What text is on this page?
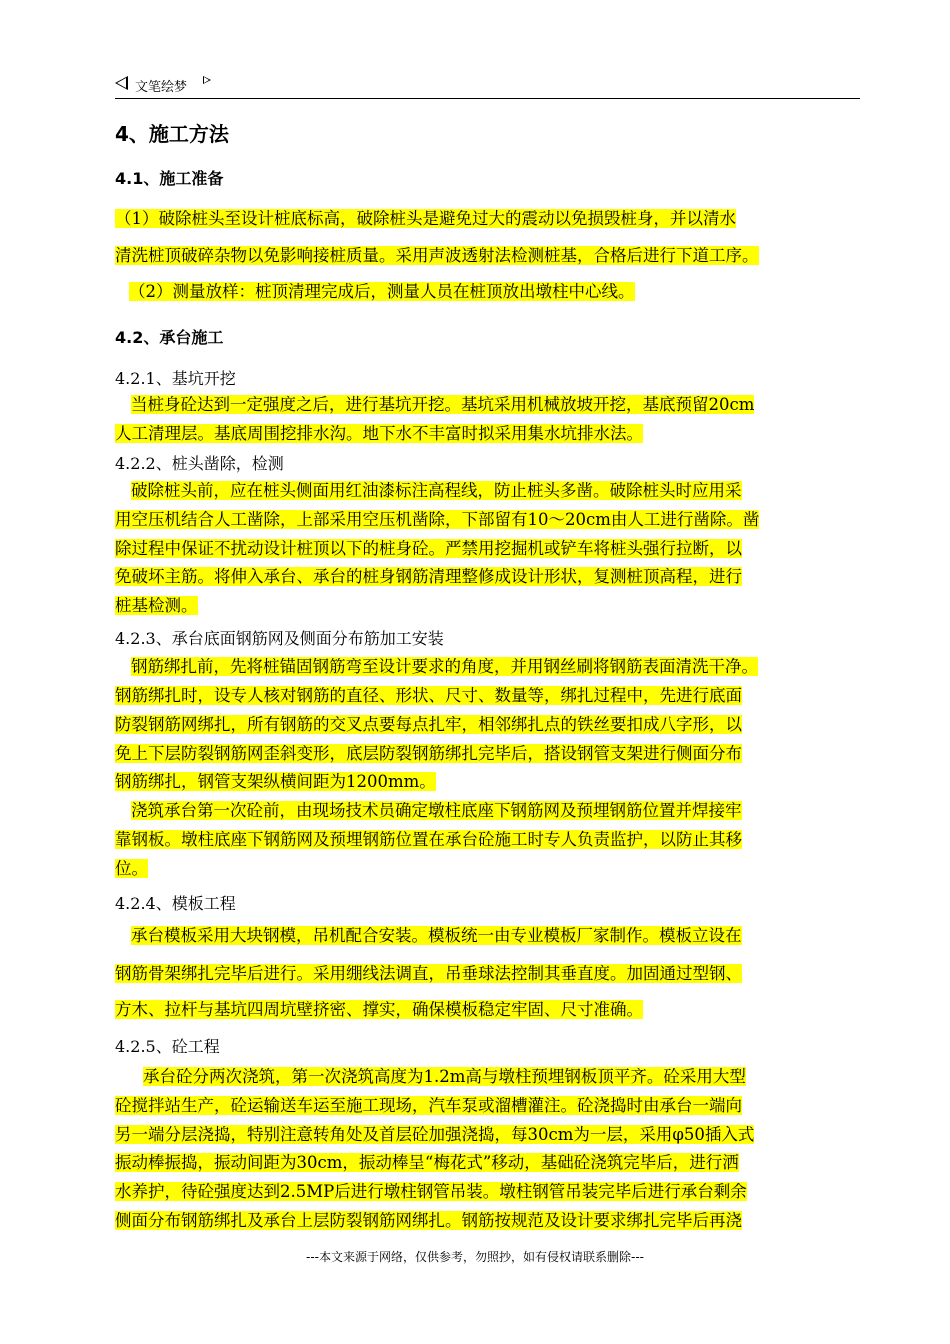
文笔绘梦
4、施工方法
4.1、施工准备
（1）破除桩头至设计桩底标高，破除桩头是避免过大的震动以免损毁桩身，并以清水
清洗桩顶破碎杂物以免影响接桩质量。采用声波透射法检测桩基，合格后进行下道工序。
（2）测量放样：桩顶清理完成后，测量人员在桩顶放出墩柱中心线。
4.2、承台施工
4.2.1、基坑开挖
当桩身砼达到一定强度之后，进行基坑开挖。基坑采用机械放坡开挖，基底预留20cm
人工清理层。基底周围挖排水沟。地下水不丰富时拟采用集水坑排水法。
4.2.2、桩头凿除，检测
破除桩头前，应在桩头侧面用红油漆标注高程线，防止桩头多凿。破除桩头时应用采
用空压机结合人工凿除，上部采用空压机凿除，下部留有10～20cm由人工进行凿除。凿
除过程中保证不扰动设计桩顶以下的桩身砼。严禁用挖掘机或铲车将桩头强行拉断，以
免破坏主筋。将伸入承台、承台的桩身钢筋清理整修成设计形状，复测桩顶高程，进行
桩基检测。
4.2.3、承台底面钢筋网及侧面分布筋加工安装
钢筋绑扎前，先将桩锚固钢筋弯至设计要求的角度，并用钢丝刷将钢筋表面清洗干净。
钢筋绑扎时，设专人核对钢筋的直径、形状、尺寸、数量等，绑扎过程中，先进行底面
防裂钢筋网绑扎，所有钢筋的交叉点要每点扎牢，相邻绑扎点的铁丝要扣成八字形，以
免上下层防裂钢筋网歪斜变形，底层防裂钢筋绑扎完毕后，搭设钢管支架进行侧面分布
钢筋绑扎，钢管支架纵横间距为1200mm。
浇筑承台第一次砼前，由现场技术员确定墩柱底座下钢筋网及预埋钢筋位置并焊接牢
靠钢板。墩柱底座下钢筋网及预埋钢筋位置在承台砼施工时专人负责监护，以防止其移
位。
4.2.4、模板工程
承台模板采用大块钢模，吊机配合安装。模板统一由专业模板厂家制作。模板立设在
钢筋骨架绑扎完毕后进行。采用绷线法调直，吊垂球法控制其垂直度。加固通过型钢、
方木、拉杆与基坑四周坑壁挤密、撑实，确保模板稳定牢固、尺寸准确。
4.2.5、砼工程
承台砼分两次浇筑，第一次浇筑高度为1.2m高与墩柱预埋钢板顶平齐。砼采用大型
砼搅拌站生产，砼运输送车运至施工现场，汽车泵或溜槽灌注。砼浇捣时由承台一端向
另一端分层浇捣，特别注意转角处及首层砼加强浇捣，每30cm为一层，采用φ50插入式
振动棒振捣，振动间距为30cm，振动棒呈“梅花式”移动，基础砼浇筑完毕后，进行洒
水养护，待砼强度达到2.5MP后进行墩柱钢管吊装。墩柱钢管吊装完毕后进行承台剩余
侧面分布钢筋绑扎及承台上层防裂钢筋网绑扎。钢筋按规范及设计要求绑扎完毕后再浇
---本文来源于网络，仅供参考，勿照抄，如有侵权请联系删除---
